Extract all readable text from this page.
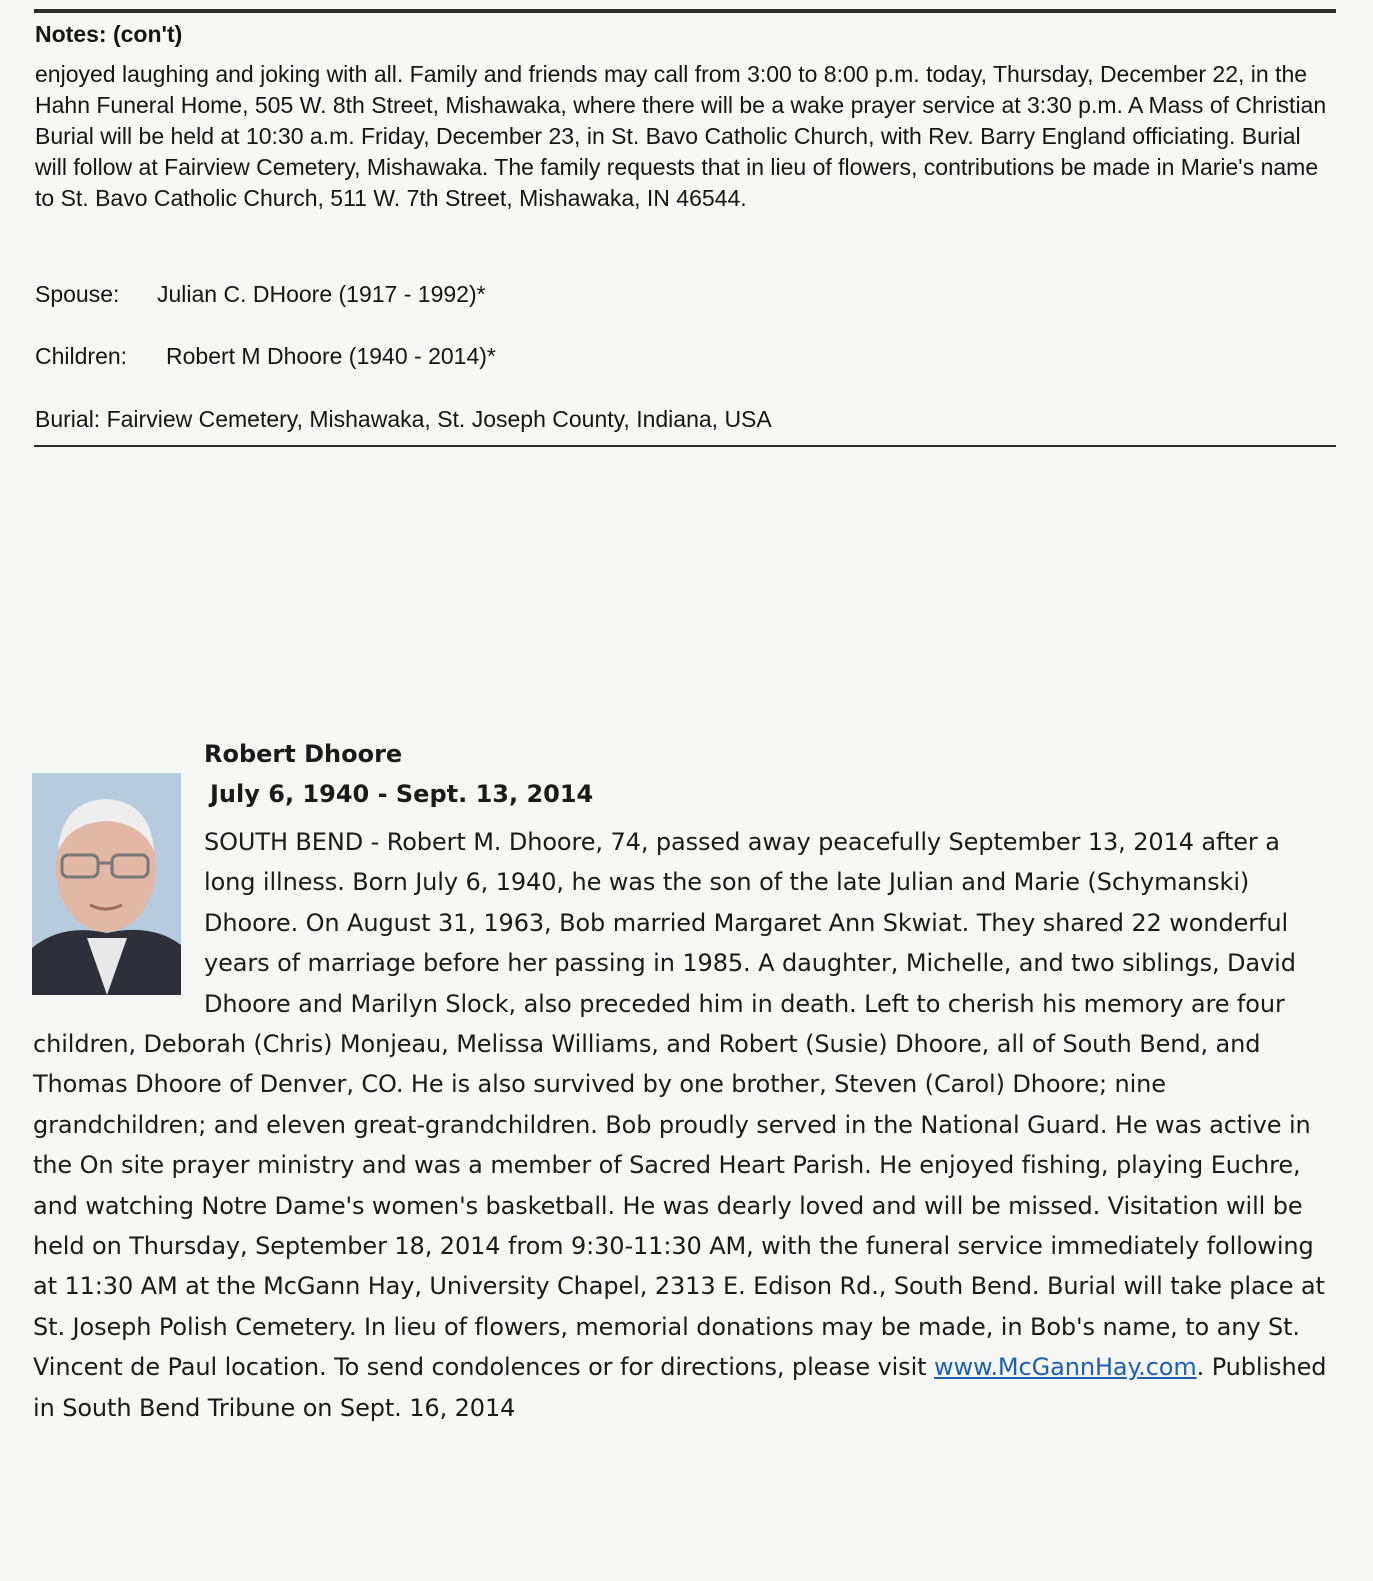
Notes: (con't)

enjoyed laughing and joking with all. Family and friends may call from 3:00 to 8:00 p.m. today, Thursday, December 22, in the Hahn Funeral Home, 505 W. 8th Street, Mishawaka, where there will be a wake prayer service at 3:30 p.m. A Mass of Christian Burial will be held at 10:30 a.m. Friday, December 23, in St. Bavo Catholic Church, with Rev. Barry England officiating. Burial will follow at Fairview Cemetery, Mishawaka. The family requests that in lieu of flowers, contributions be made in Marie's name to St. Bavo Catholic Church, 511 W. 7th Street, Mishawaka, IN 46544.

Spouse: Julian C. DHoore (1917 - 1992)*
Children: Robert M Dhoore (1940 - 2014)*
Burial: Fairview Cemetery, Mishawaka, St. Joseph County, Indiana, USA
Robert Dhoore
July 6, 1940 - Sept. 13, 2014

SOUTH BEND - Robert M. Dhoore, 74, passed away peacefully September 13, 2014 after a long illness. Born July 6, 1940, he was the son of the late Julian and Marie (Schymanski) Dhoore. On August 31, 1963, Bob married Margaret Ann Skwiat. They shared 22 wonderful years of marriage before her passing in 1985. A daughter, Michelle, and two siblings, David Dhoore and Marilyn Slock, also preceded him in death. Left to cherish his memory are four children, Deborah (Chris) Monjeau, Melissa Williams, and Robert (Susie) Dhoore, all of South Bend, and Thomas Dhoore of Denver, CO. He is also survived by one brother, Steven (Carol) Dhoore; nine grandchildren; and eleven great-grandchildren. Bob proudly served in the National Guard. He was active in the On site prayer ministry and was a member of Sacred Heart Parish. He enjoyed fishing, playing Euchre, and watching Notre Dame's women's basketball. He was dearly loved and will be missed. Visitation will be held on Thursday, September 18, 2014 from 9:30-11:30 AM, with the funeral service immediately following at 11:30 AM at the McGann Hay, University Chapel, 2313 E. Edison Rd., South Bend. Burial will take place at St. Joseph Polish Cemetery. In lieu of flowers, memorial donations may be made, in Bob's name, to any St. Vincent de Paul location. To send condolences or for directions, please visit www.McGannHay.com. Published in South Bend Tribune on Sept. 16, 2014
